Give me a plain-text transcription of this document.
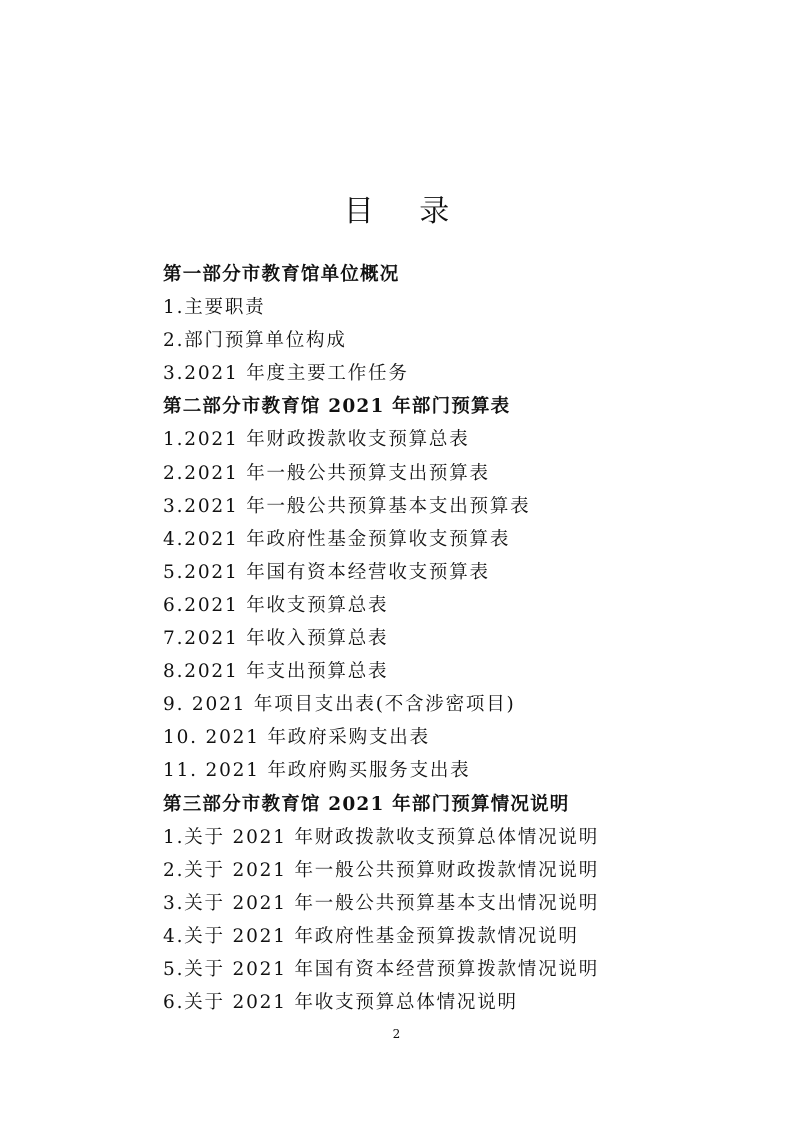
目 录
第一部分市教育馆单位概况
1.主要职责
2.部门预算单位构成
3.2021 年度主要工作任务
第二部分市教育馆 2021 年部门预算表
1.2021 年财政拨款收支预算总表
2.2021 年一般公共预算支出预算表
3.2021 年一般公共预算基本支出预算表
4.2021 年政府性基金预算收支预算表
5.2021 年国有资本经营收支预算表
6.2021 年收支预算总表
7.2021 年收入预算总表
8.2021 年支出预算总表
9. 2021 年项目支出表(不含涉密项目)
10. 2021 年政府采购支出表
11. 2021 年政府购买服务支出表
第三部分市教育馆 2021 年部门预算情况说明
1.关于 2021 年财政拨款收支预算总体情况说明
2.关于 2021 年一般公共预算财政拨款情况说明
3.关于 2021 年一般公共预算基本支出情况说明
4.关于 2021 年政府性基金预算拨款情况说明
5.关于 2021 年国有资本经营预算拨款情况说明
6.关于 2021 年收支预算总体情况说明
2
